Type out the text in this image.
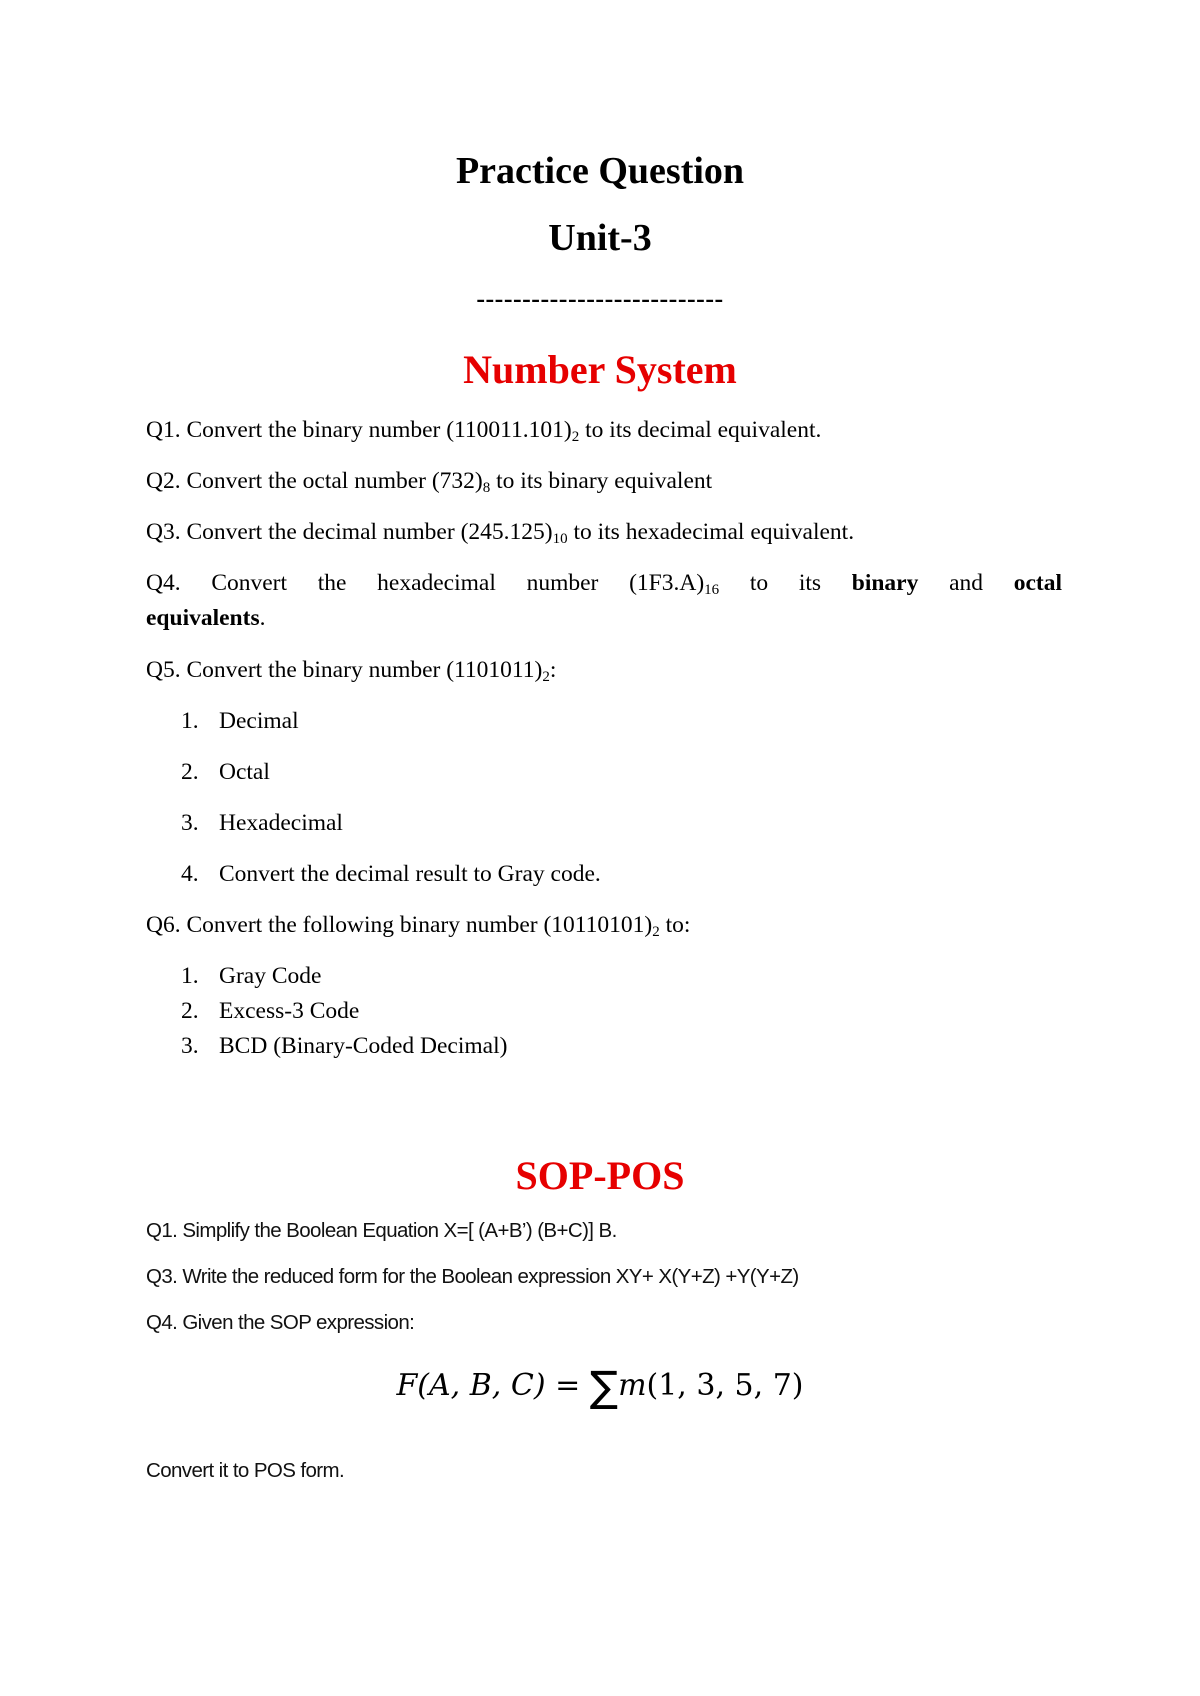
Practice Question
Unit-3
---------------------------
Number System
Q1. Convert the binary number $(110011.101)_2$ to its decimal equivalent.
Q2. Convert the octal number $(732)_8$ to its binary equivalent
Q3. Convert the decimal number $(245.125)_{10}$ to its hexadecimal equivalent.
Q4. Convert the hexadecimal number $(1F3.A)_{16}$ to its binary and octal
equivalents.
Q5. Convert the binary number $(1101011)_2$:
1. Decimal
2. Octal
3. Hexadecimal
4. Convert the decimal result to Gray code.
Q6. Convert the following binary number $(10110101)_2$ to:
1. Gray Code
2. Excess-3 Code
3. BCD (Binary-Coded Decimal)
SOP-POS
Q1. Simplify the Boolean Equation X=[ (A+B’) (B+C)] B.
Q3. Write the reduced form for the Boolean expression XY+ X(Y+Z) +Y(Y+Z)
Q4. Given the SOP expression:
F(A, B, C) = ∑m(1, 3, 5, 7)
Convert it to POS form.
